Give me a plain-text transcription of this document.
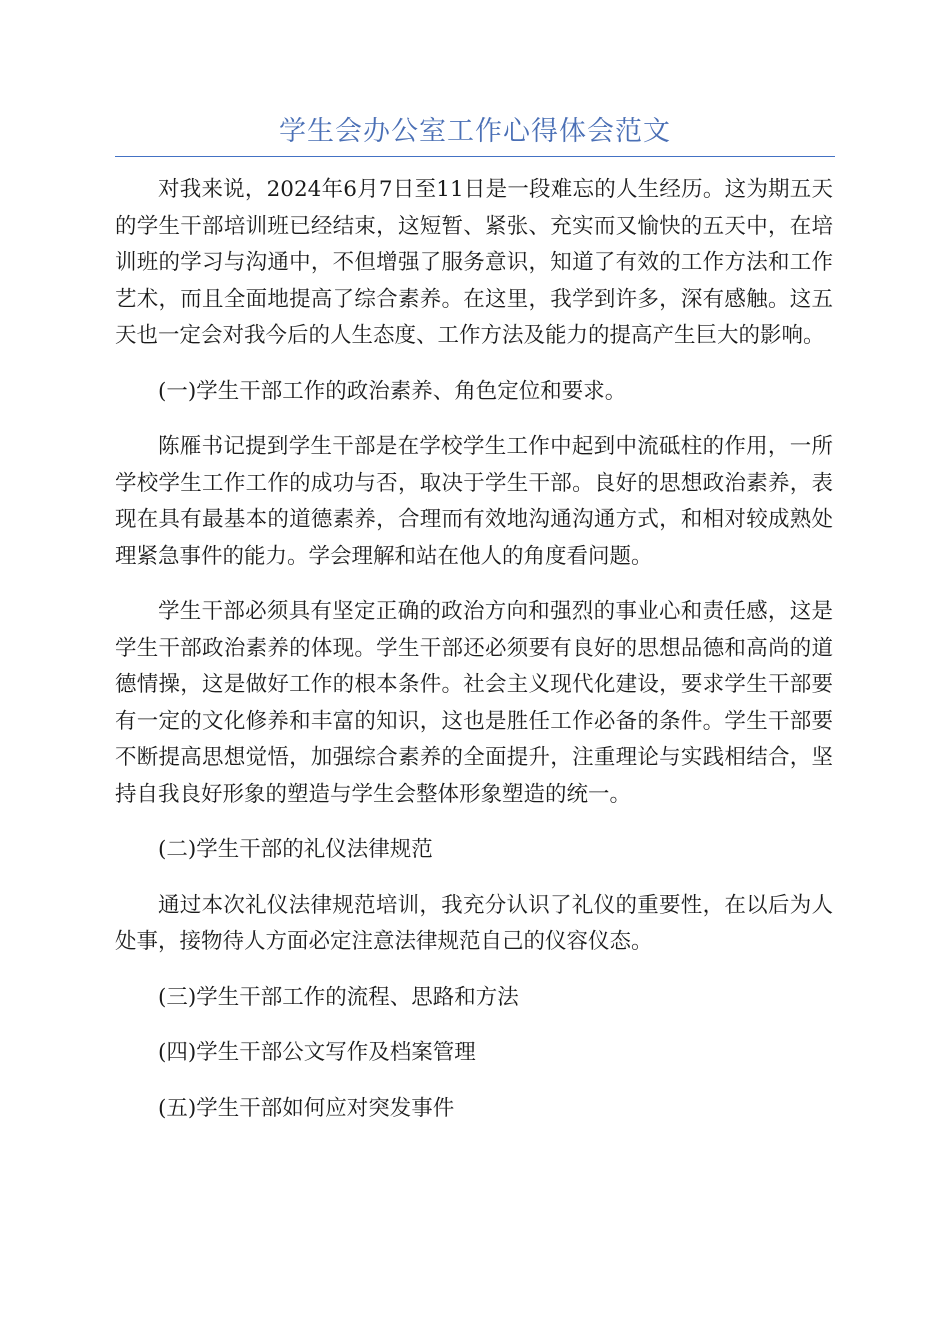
学生会办公室工作心得体会范文

对我来说，2024年6月7日至11日是一段难忘的人生经历。这为期五天的学生干部培训班已经结束，这短暂、紧张、充实而又愉快的五天中，在培训班的学习与沟通中，不但增强了服务意识，知道了有效的工作方法和工作艺术，而且全面地提高了综合素养。在这里，我学到许多，深有感触。这五天也一定会对我今后的人生态度、工作方法及能力的提高产生巨大的影响。

(一)学生干部工作的政治素养、角色定位和要求。

陈雁书记提到学生干部是在学校学生工作中起到中流砥柱的作用，一所学校学生工作工作的成功与否，取决于学生干部。良好的思想政治素养，表现在具有最基本的道德素养，合理而有效地沟通沟通方式，和相对较成熟处理紧急事件的能力。学会理解和站在他人的角度看问题。

学生干部必须具有坚定正确的政治方向和强烈的事业心和责任感，这是学生干部政治素养的体现。学生干部还必须要有良好的思想品德和高尚的道德情操，这是做好工作的根本条件。社会主义现代化建设，要求学生干部要有一定的文化修养和丰富的知识，这也是胜任工作必备的条件。学生干部要不断提高思想觉悟，加强综合素养的全面提升，注重理论与实践相结合，坚持自我良好形象的塑造与学生会整体形象塑造的统一。

(二)学生干部的礼仪法律规范

通过本次礼仪法律规范培训，我充分认识了礼仪的重要性，在以后为人处事，接物待人方面必定注意法律规范自己的仪容仪态。

(三)学生干部工作的流程、思路和方法

(四)学生干部公文写作及档案管理

(五)学生干部如何应对突发事件
